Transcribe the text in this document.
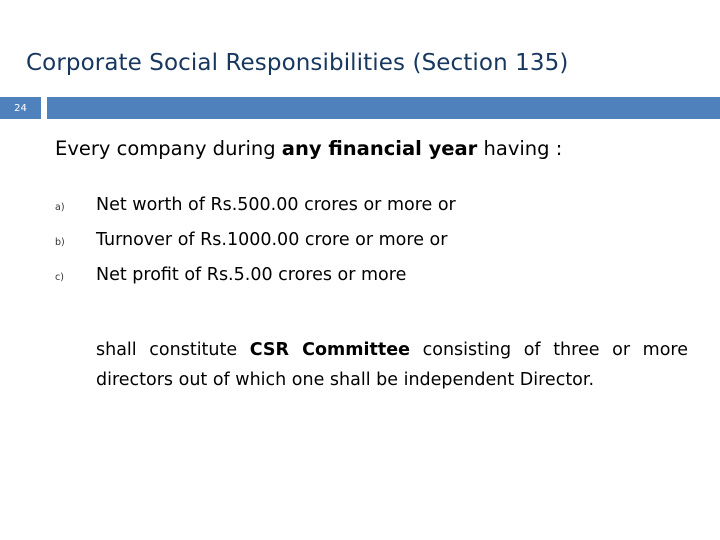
Corporate Social Responsibilities (Section 135)
24
Every company during any financial year having :
a) Net worth of Rs.500.00 crores or more or
b) Turnover of Rs.1000.00 crore or more or
c) Net profit of Rs.5.00 crores or more
shall constitute CSR Committee consisting of three or more directors out of which one shall be independent Director.
